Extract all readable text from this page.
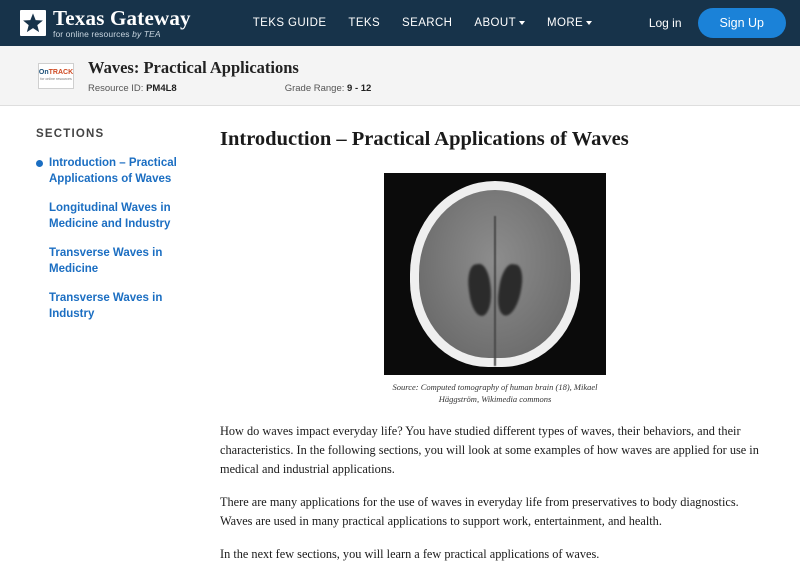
Texas Gateway
for online resources by TEA
TEKS GUIDE TEKS SEARCH ABOUT	MORE	Log in	Sign Up
OnTRACK
for online resources
Waves: Practical Applications
Resource ID: PM4L8	Grade Range: 9 - 12
SECTIONS
Introduction – Practical Applications of Waves
Longitudinal Waves in Medicine and Industry
Transverse Waves in Medicine
Transverse Waves in Industry
Introduction – Practical Applications of Waves
Source: Computed tomography of human brain (18), Mikael Häggström, Wikimedia commons

How do waves impact everyday life? You have studied different types of waves, their behaviors, and their characteristics. In the following sections, you will look at some examples of how waves are applied for use in medical and industrial applications.

There are many applications for the use of waves in everyday life from preservatives to body diagnostics. Waves are used in many practical applications to support work, entertainment, and health.

In the next few sections, you will learn a few practical applications of waves.
